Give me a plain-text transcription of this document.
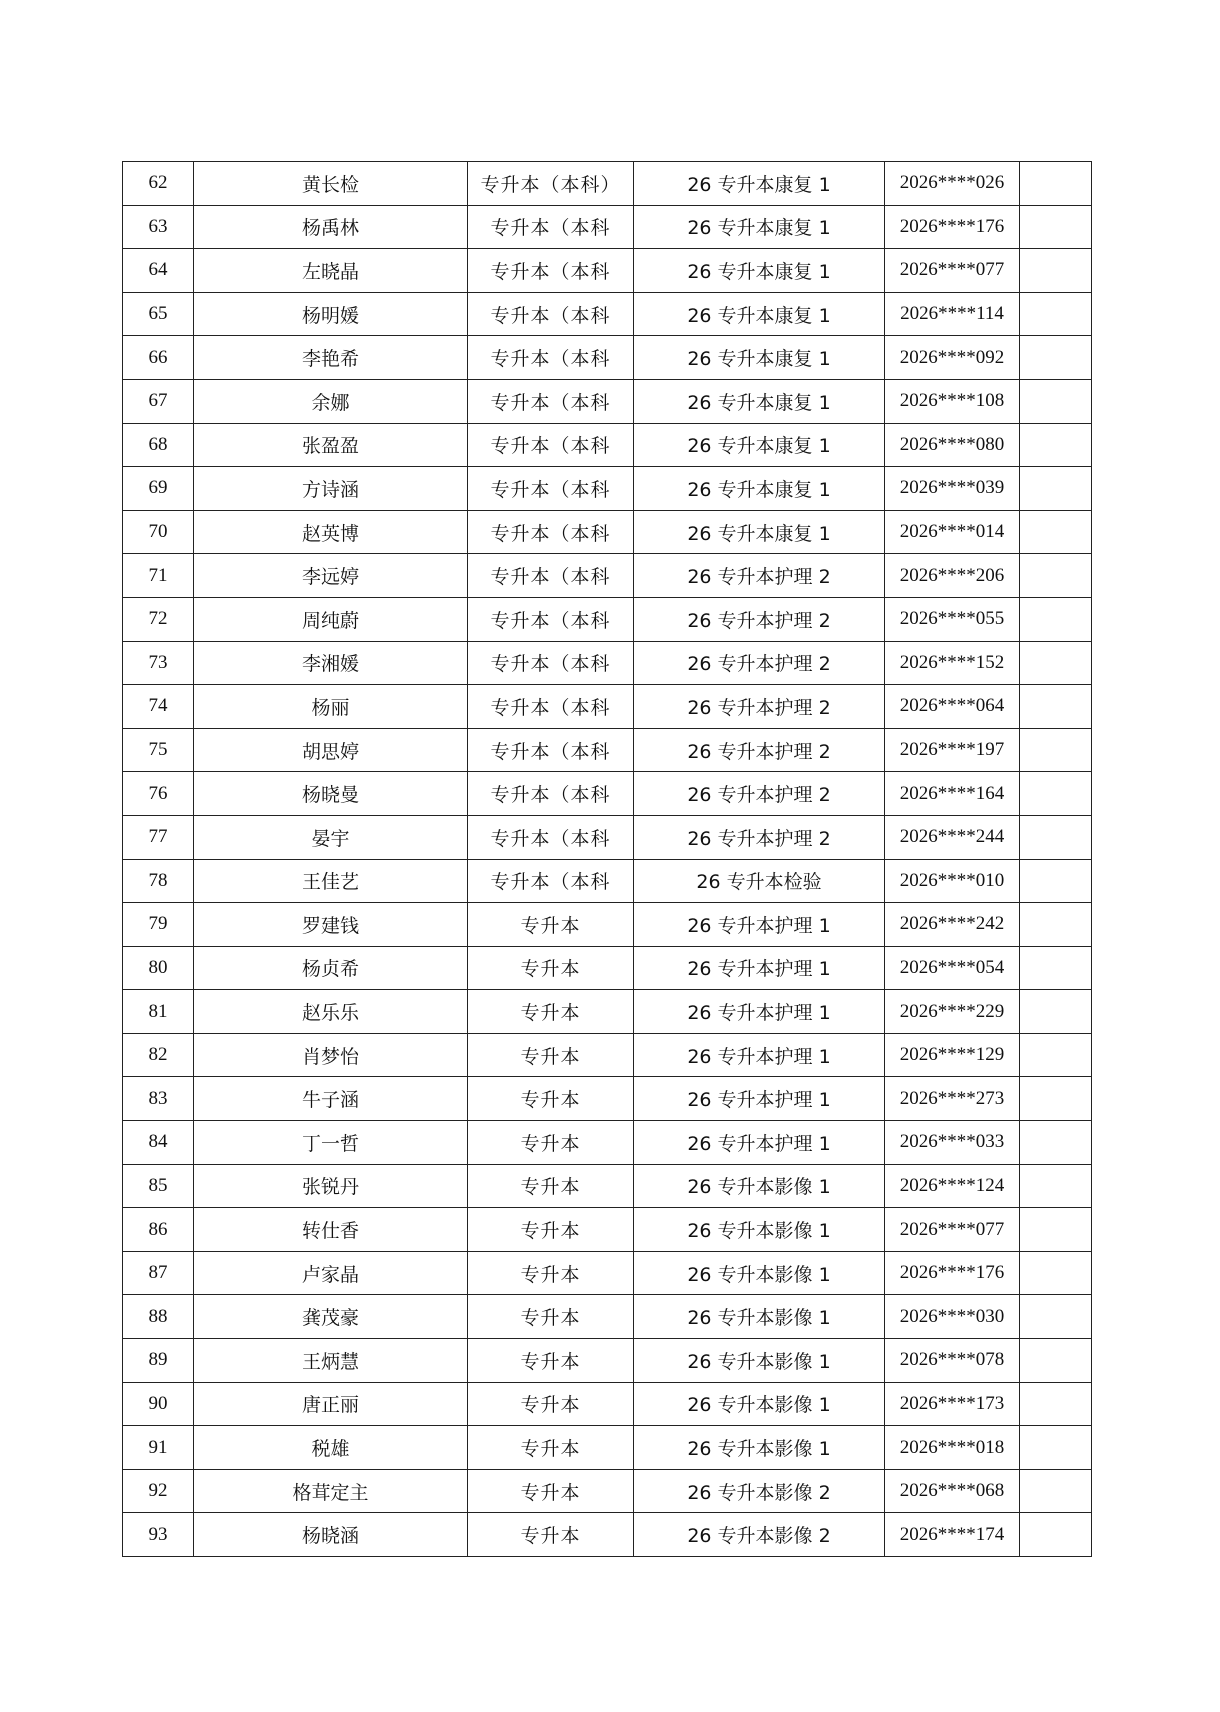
62	黄长检	专升本（本科）	26 专升本康复 1	2026****026	
63	杨禹林	专升本（本科	26 专升本康复 1	2026****176	
64	左晓晶	专升本（本科	26 专升本康复 1	2026****077	
65	杨明媛	专升本（本科	26 专升本康复 1	2026****114	
66	李艳希	专升本（本科	26 专升本康复 1	2026****092	
67	余娜	专升本（本科	26 专升本康复 1	2026****108	
68	张盈盈	专升本（本科	26 专升本康复 1	2026****080	
69	方诗涵	专升本（本科	26 专升本康复 1	2026****039	
70	赵英博	专升本（本科	26 专升本康复 1	2026****014	
71	李远婷	专升本（本科	26 专升本护理 2	2026****206	
72	周纯蔚	专升本（本科	26 专升本护理 2	2026****055	
73	李湘媛	专升本（本科	26 专升本护理 2	2026****152	
74	杨丽	专升本（本科	26 专升本护理 2	2026****064	
75	胡思婷	专升本（本科	26 专升本护理 2	2026****197	
76	杨晓曼	专升本（本科	26 专升本护理 2	2026****164	
77	晏宇	专升本（本科	26 专升本护理 2	2026****244	
78	王佳艺	专升本（本科	26 专升本检验	2026****010	
79	罗建钱	专升本	26 专升本护理 1	2026****242	
80	杨贞希	专升本	26 专升本护理 1	2026****054	
81	赵乐乐	专升本	26 专升本护理 1	2026****229	
82	肖梦怡	专升本	26 专升本护理 1	2026****129	
83	牛子涵	专升本	26 专升本护理 1	2026****273	
84	丁一哲	专升本	26 专升本护理 1	2026****033	
85	张锐丹	专升本	26 专升本影像 1	2026****124	
86	转仕香	专升本	26 专升本影像 1	2026****077	
87	卢家晶	专升本	26 专升本影像 1	2026****176	
88	龚茂豪	专升本	26 专升本影像 1	2026****030	
89	王炳慧	专升本	26 专升本影像 1	2026****078	
90	唐正丽	专升本	26 专升本影像 1	2026****173	
91	税雄	专升本	26 专升本影像 1	2026****018	
92	格茸定主	专升本	26 专升本影像 2	2026****068	
93	杨晓涵	专升本	26 专升本影像 2	2026****174	
